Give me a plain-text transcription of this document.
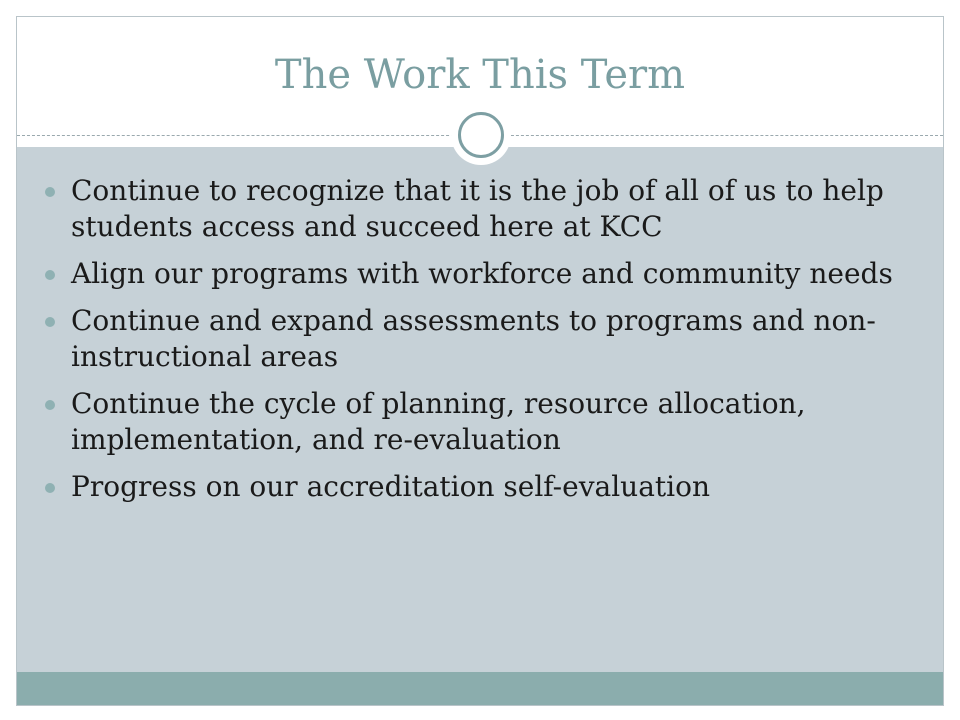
The Work This Term
Continue to recognize that it is the job of all of us to help students access and succeed here at KCC
Align our programs with workforce and community needs
Continue and expand assessments to programs and non-instructional areas
Continue the cycle of planning, resource allocation, implementation, and re-evaluation
Progress on our accreditation self-evaluation
